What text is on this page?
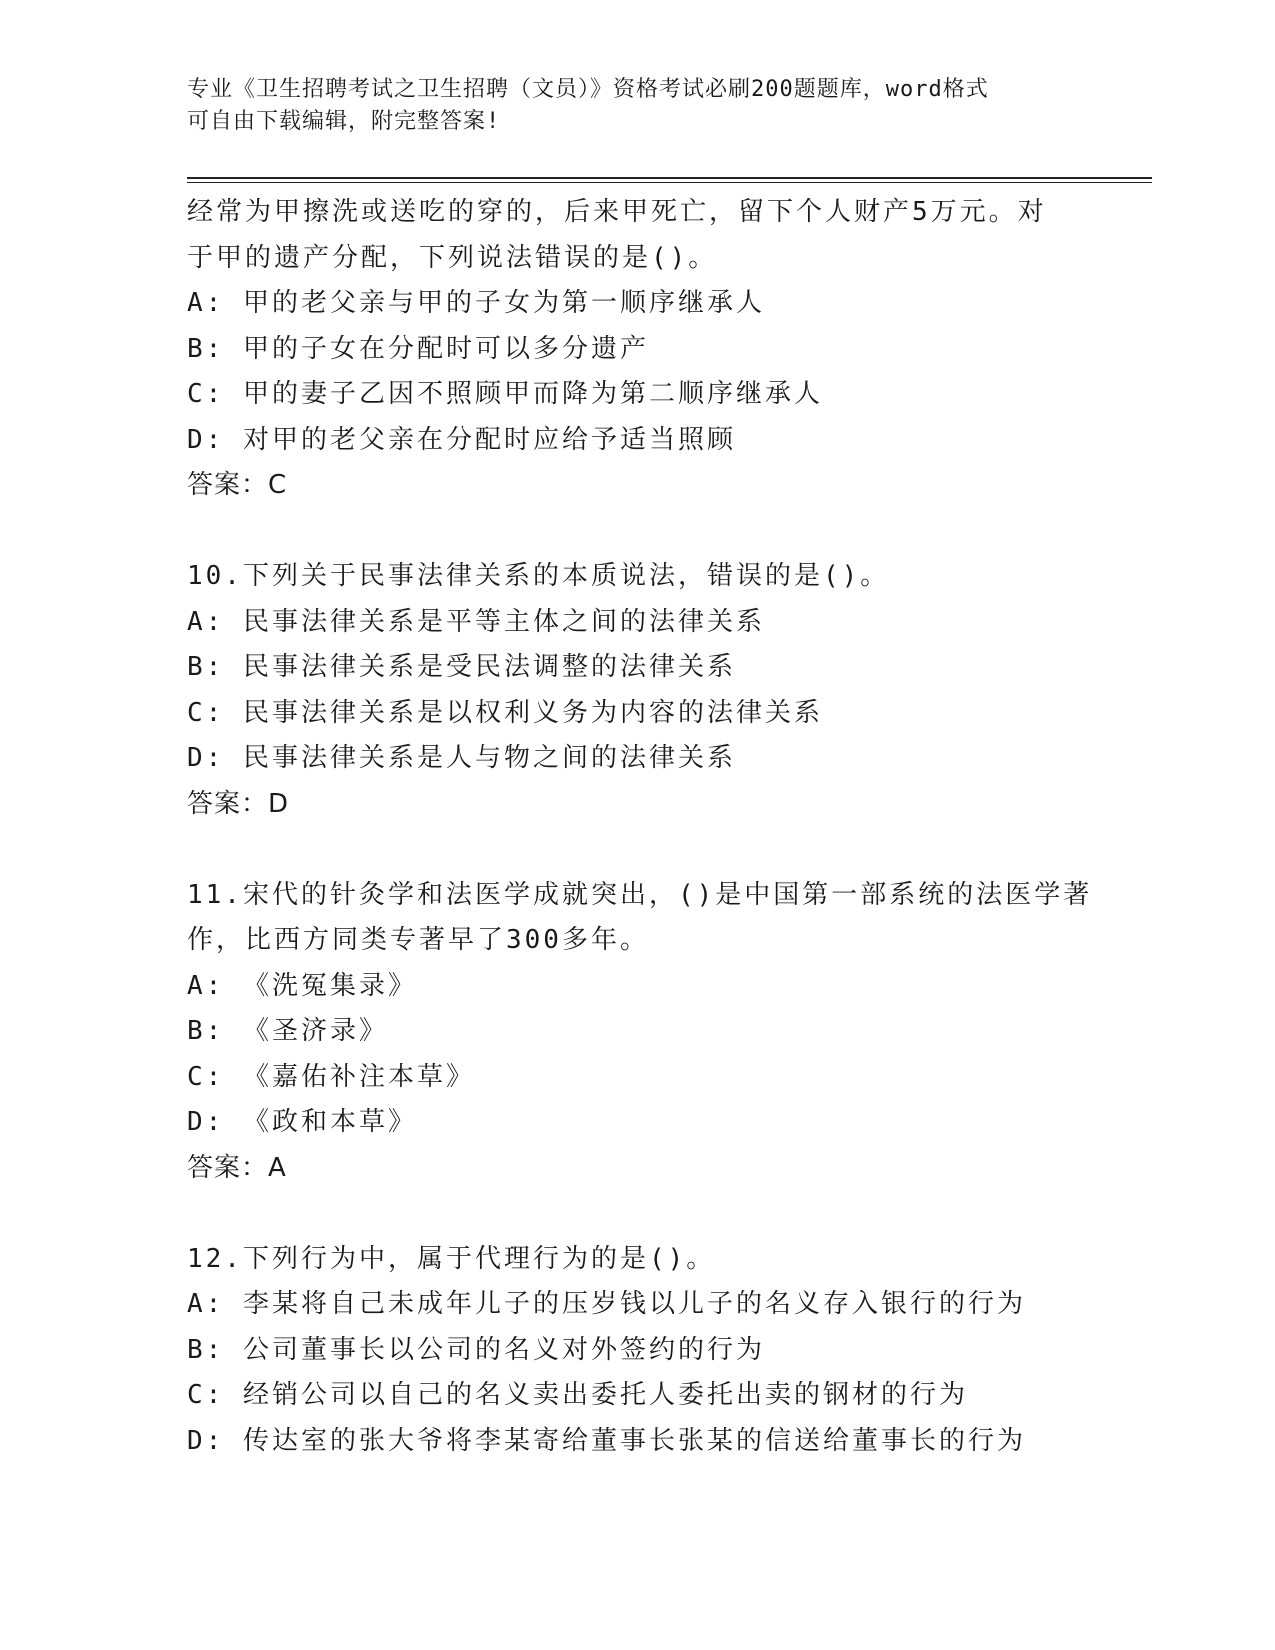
专业《卫生招聘考试之卫生招聘（文员）》资格考试必刷200题题库，word格式
可自由下载编辑，附完整答案!
经常为甲擦洗或送吃的穿的，后来甲死亡，留下个人财产5万元。对
于甲的遗产分配，下列说法错误的是()。
A: 甲的老父亲与甲的子女为第一顺序继承人
B: 甲的子女在分配时可以多分遗产
C: 甲的妻子乙因不照顾甲而降为第二顺序继承人
D: 对甲的老父亲在分配时应给予适当照顾
答案：C
10.下列关于民事法律关系的本质说法，错误的是()。
A: 民事法律关系是平等主体之间的法律关系
B: 民事法律关系是受民法调整的法律关系
C: 民事法律关系是以权利义务为内容的法律关系
D: 民事法律关系是人与物之间的法律关系
答案：D
11.宋代的针灸学和法医学成就突出，()是中国第一部系统的法医学著
作，比西方同类专著早了300多年。
A: 《洗冤集录》
B: 《圣济录》
C: 《嘉佑补注本草》
D: 《政和本草》
答案：A
12.下列行为中，属于代理行为的是()。
A: 李某将自己未成年儿子的压岁钱以儿子的名义存入银行的行为
B: 公司董事长以公司的名义对外签约的行为
C: 经销公司以自己的名义卖出委托人委托出卖的钢材的行为
D: 传达室的张大爷将李某寄给董事长张某的信送给董事长的行为
